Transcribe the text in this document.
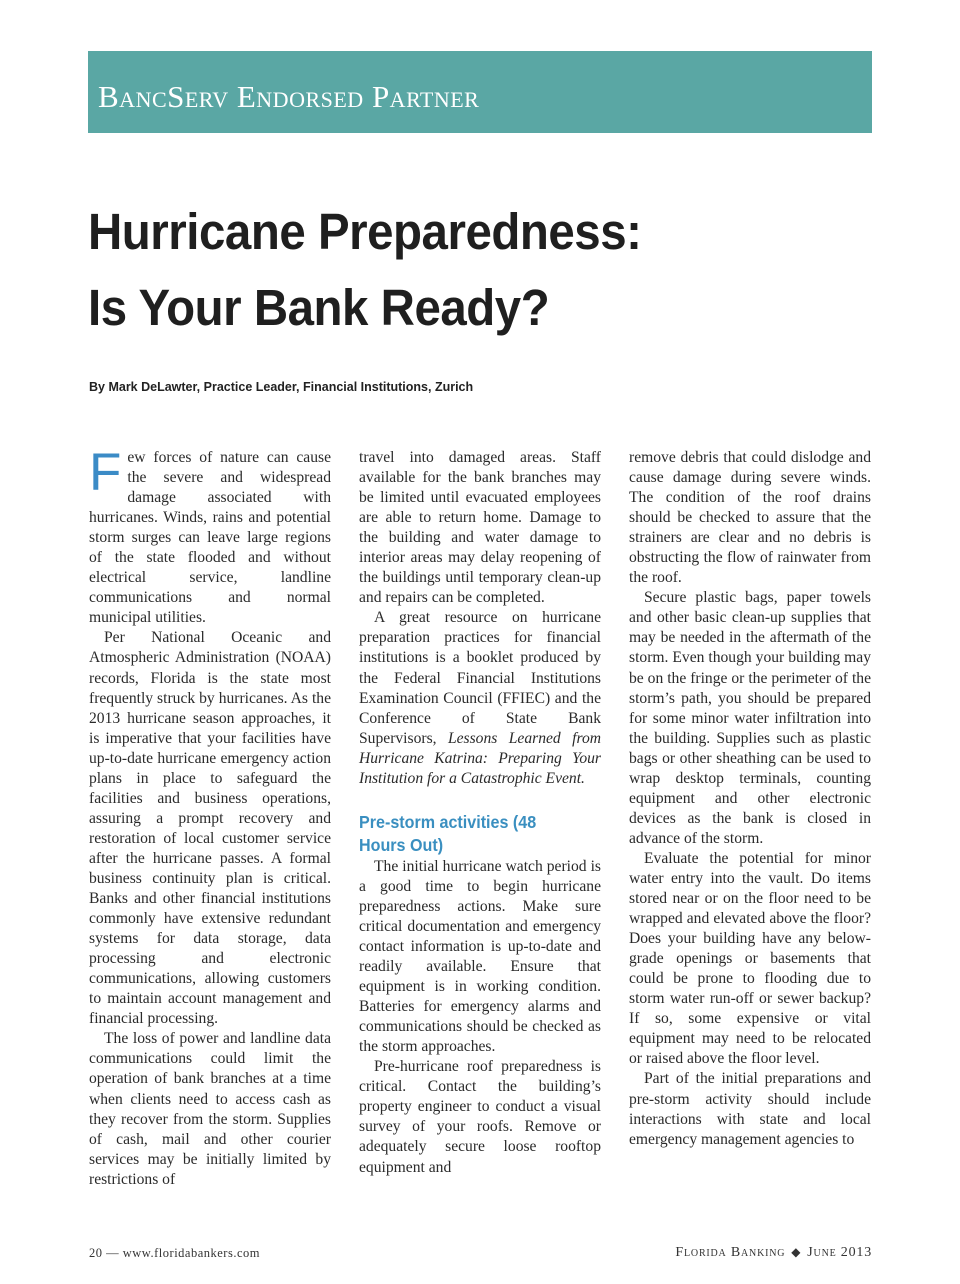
BancServ Endorsed Partner
Hurricane Preparedness:
Is Your Bank Ready?
By Mark DeLawter, Practice Leader, Financial Institutions, Zurich

Few forces of nature can cause the severe and widespread damage associated with hurricanes. Winds, rains and potential storm surges can leave large regions of the state flooded and without electrical service, landline communications and normal municipal utilities.

Per National Oceanic and Atmospheric Administration (NOAA) records, Florida is the state most frequently struck by hurricanes. As the 2013 hurricane season approaches, it is imperative that your facilities have up-to-date hurricane emergency action plans in place to safeguard the facilities and business operations, assuring a prompt recovery and restoration of local customer service after the hurricane passes. A formal business continuity plan is critical. Banks and other financial institutions commonly have extensive redundant systems for data storage, data processing and electronic communications, allowing customers to maintain account management and financial processing.

The loss of power and landline data communications could limit the operation of bank branches at a time when clients need to access cash as they recover from the storm. Supplies of cash, mail and other courier services may be initially limited by restrictions of

travel into damaged areas. Staff available for the bank branches may be limited until evacuated employees are able to return home. Damage to the building and water damage to interior areas may delay reopening of the buildings until temporary clean-up and repairs can be completed.

A great resource on hurricane preparation practices for financial institutions is a booklet produced by the Federal Financial Institutions Examination Council (FFIEC) and the Conference of State Bank Supervisors, Lessons Learned from Hurricane Katrina: Preparing Your Institution for a Catastrophic Event.

Pre-storm activities (48 Hours Out)

The initial hurricane watch period is a good time to begin hurricane preparedness actions. Make sure critical documentation and emergency contact information is up-to-date and readily available. Ensure that equipment is in working condition. Batteries for emergency alarms and communications should be checked as the storm approaches.

Pre-hurricane roof preparedness is critical. Contact the building’s property engineer to conduct a visual survey of your roofs. Remove or adequately secure loose rooftop equipment and

remove debris that could dislodge and cause damage during severe winds. The condition of the roof drains should be checked to assure that the strainers are clear and no debris is obstructing the flow of rainwater from the roof.

Secure plastic bags, paper towels and other basic clean-up supplies that may be needed in the aftermath of the storm. Even though your building may be on the fringe or the perimeter of the storm’s path, you should be prepared for some minor water infiltration into the building. Supplies such as plastic bags or other sheathing can be used to wrap desktop terminals, counting equipment and other electronic devices as the bank is closed in advance of the storm.

Evaluate the potential for minor water entry into the vault. Do items stored near or on the floor need to be wrapped and elevated above the floor? Does your building have any below-grade openings or basements that could be prone to flooding due to storm water run-off or sewer backup? If so, some expensive or vital equipment may need to be relocated or raised above the floor level.

Part of the initial preparations and pre-storm activity should include interactions with state and local emergency management agencies to

20 — www.floridabankers.com	Florida Banking ◆ June 2013
